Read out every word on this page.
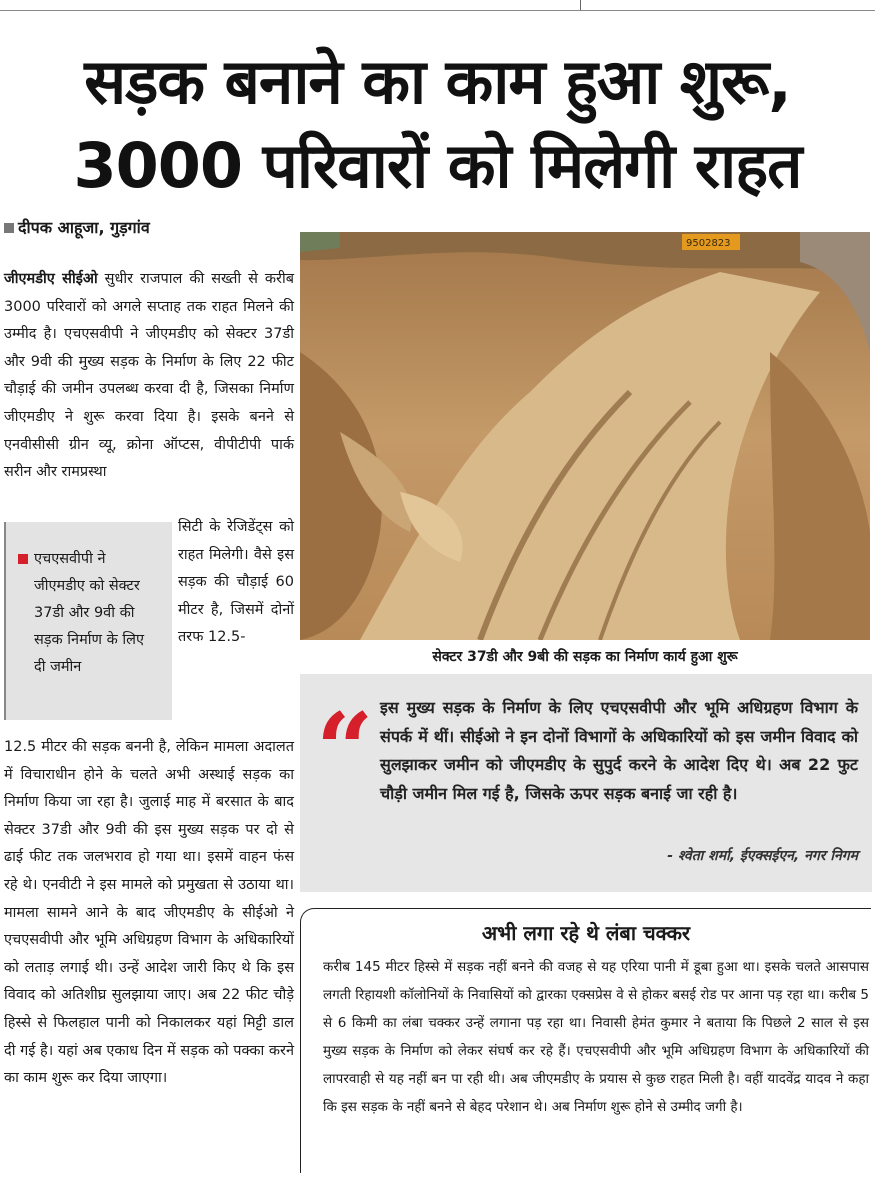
सड़क बनाने का काम हुआ शुरू,
3000 परिवारों को मिलेगी राहत
दीपक आहूजा, गुड़गांव
जीएमडीए सीईओ सुधीर राजपाल की सख्ती से करीब 3000 परिवारों को अगले सप्ताह तक राहत मिलने की उम्मीद है। एचएसवीपी ने जीएमडीए को सेक्टर 37डी और 9वी की मुख्य सड़क के निर्माण के लिए 22 फीट चौड़ाई की जमीन उपलब्ध करवा दी है, जिसका निर्माण जीएमडीए ने शुरू करवा दिया है। इसके बनने से एनवीसीसी ग्रीन व्यू, क्रोना ऑप्टस, वीपीटीपी पार्क सरीन और रामप्रस्था
एचएसवीपी ने जीएमडीए को सेक्टर 37डी और 9वी की सड़क निर्माण के लिए दी जमीन
सिटी के रेजिडेंट्स को राहत मिलेगी। वैसे इस सड़क की चौड़ाई 60 मीटर है, जिसमें दोनों तरफ 12.5-
12.5 मीटर की सड़क बननी है, लेकिन मामला अदालत में विचाराधीन होने के चलते अभी अस्थाई सड़क का निर्माण किया जा रहा है। जुलाई माह में बरसात के बाद सेक्टर 37डी और 9वी की इस मुख्य सड़क पर दो से ढाई फीट तक जलभराव हो गया था। इसमें वाहन फंस रहे थे। एनवीटी ने इस मामले को प्रमुखता से उठाया था। मामला सामने आने के बाद जीएमडीए के सीईओ ने एचएसवीपी और भूमि अधिग्रहण विभाग के अधिकारियों को लताड़ लगाई थी। उन्हें आदेश जारी किए थे कि इस विवाद को अतिशीघ्र सुलझाया जाए। अब 22 फीट चौड़े हिस्से से फिलहाल पानी को निकालकर यहां मिट्टी डाल दी गई है। यहां अब एकाध दिन में सड़क को पक्का करने का काम शुरू कर दिया जाएगा।
9502823
सेक्टर 37डी और 9बी की सड़क का निर्माण कार्य हुआ शुरू
“ इस मुख्य सड़क के निर्माण के लिए एचएसवीपी और भूमि अधिग्रहण विभाग के संपर्क में थीं। सीईओ ने इन दोनों विभागों के अधिकारियों को इस जमीन विवाद को सुलझाकर जमीन को जीएमडीए के सुपुर्द करने के आदेश दिए थे। अब 22 फुट चौड़ी जमीन मिल गई है, जिसके ऊपर सड़क बनाई जा रही है।
- श्वेता शर्मा, ईएक्सईएन, नगर निगम
अभी लगा रहे थे लंबा चक्कर
करीब 145 मीटर हिस्से में सड़क नहीं बनने की वजह से यह एरिया पानी में डूबा हुआ था। इसके चलते आसपास लगती रिहायशी कॉलोनियों के निवासियों को द्वारका एक्सप्रेस वे से होकर बसई रोड पर आना पड़ रहा था। करीब 5 से 6 किमी का लंबा चक्कर उन्हें लगाना पड़ रहा था। निवासी हेमंत कुमार ने बताया कि पिछले 2 साल से इस मुख्य सड़क के निर्माण को लेकर संघर्ष कर रहे हैं। एचएसवीपी और भूमि अधिग्रहण विभाग के अधिकारियों की लापरवाही से यह नहीं बन पा रही थी। अब जीएमडीए के प्रयास से कुछ राहत मिली है। वहीं यादवेंद्र यादव ने कहा कि इस सड़क के नहीं बनने से बेहद परेशान थे। अब निर्माण शुरू होने से उम्मीद जगी है।
